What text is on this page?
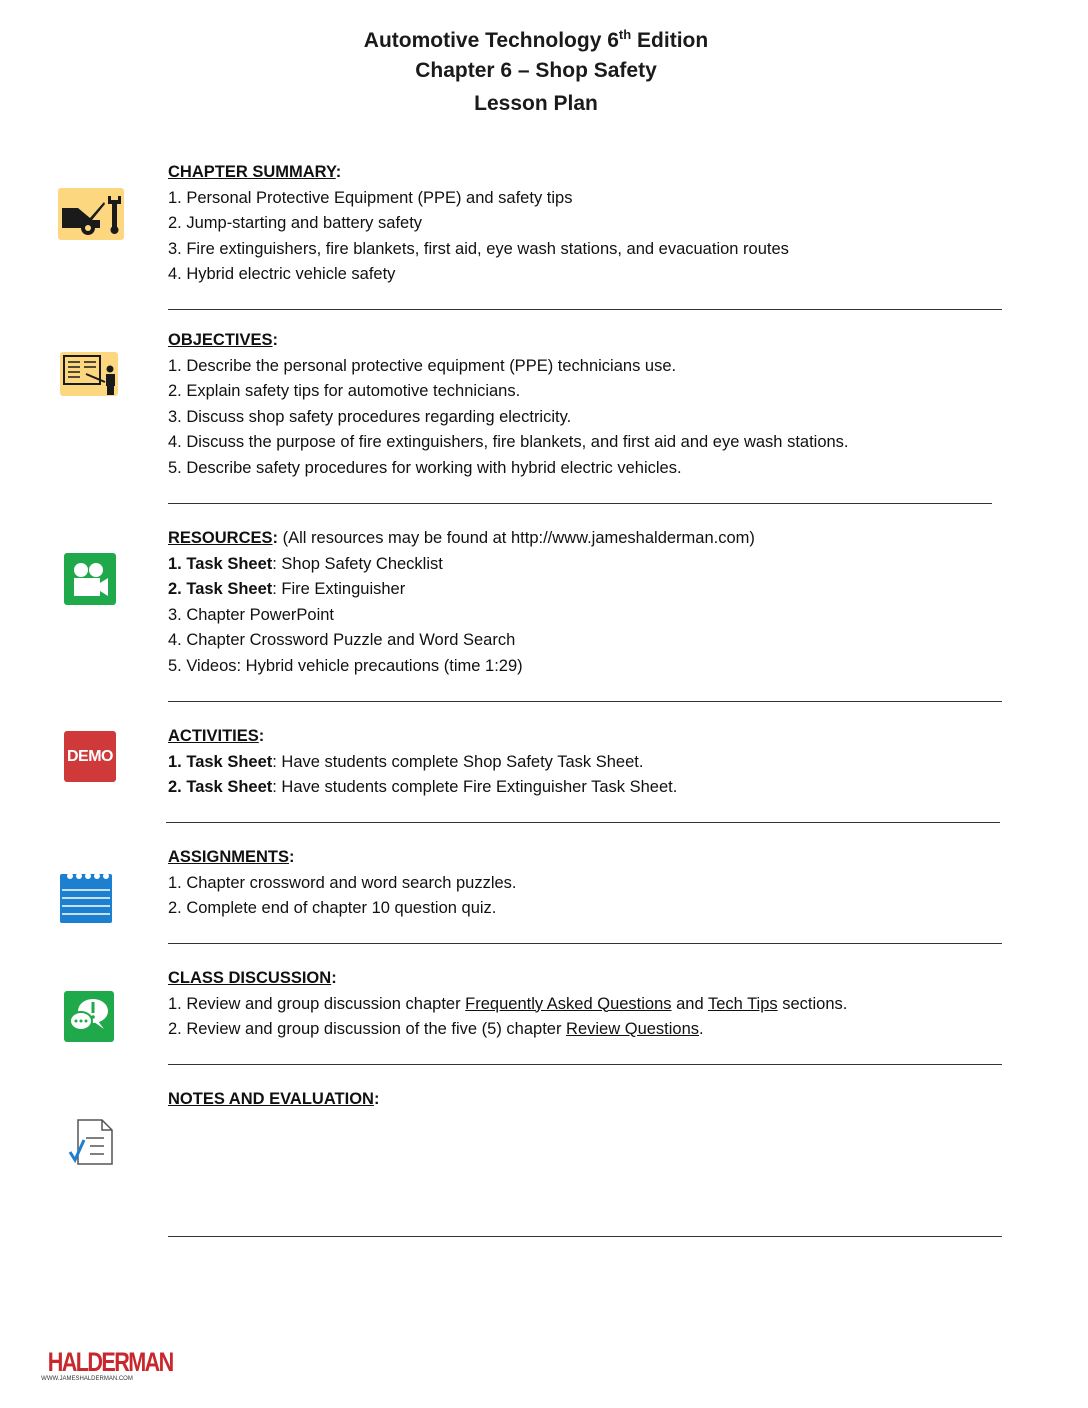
Automotive Technology 6th Edition
Chapter 6 – Shop Safety
Lesson Plan
CHAPTER SUMMARY:
1. Personal Protective Equipment (PPE) and safety tips
2. Jump-starting and battery safety
3. Fire extinguishers, fire blankets, first aid, eye wash stations, and evacuation routes
4. Hybrid electric vehicle safety
OBJECTIVES:
1. Describe the personal protective equipment (PPE) technicians use.
2. Explain safety tips for automotive technicians.
3. Discuss shop safety procedures regarding electricity.
4. Discuss the purpose of fire extinguishers, fire blankets, and first aid and eye wash stations.
5. Describe safety procedures for working with hybrid electric vehicles.
RESOURCES: (All resources may be found at http://www.jameshalderman.com)
1. Task Sheet: Shop Safety Checklist
2. Task Sheet: Fire Extinguisher
3. Chapter PowerPoint
4. Chapter Crossword Puzzle and Word Search
5. Videos: Hybrid vehicle precautions (time 1:29)
DEMO
ACTIVITIES:
1. Task Sheet: Have students complete Shop Safety Task Sheet.
2. Task Sheet: Have students complete Fire Extinguisher Task Sheet.
ASSIGNMENTS:
1. Chapter crossword and word search puzzles.
2. Complete end of chapter 10 question quiz.
CLASS DISCUSSION:
1. Review and group discussion chapter Frequently Asked Questions and Tech Tips sections.
2. Review and group discussion of the five (5) chapter Review Questions.
NOTES AND EVALUATION:
HALDERMAN
WWW.JAMESHALDERMAN.COM
